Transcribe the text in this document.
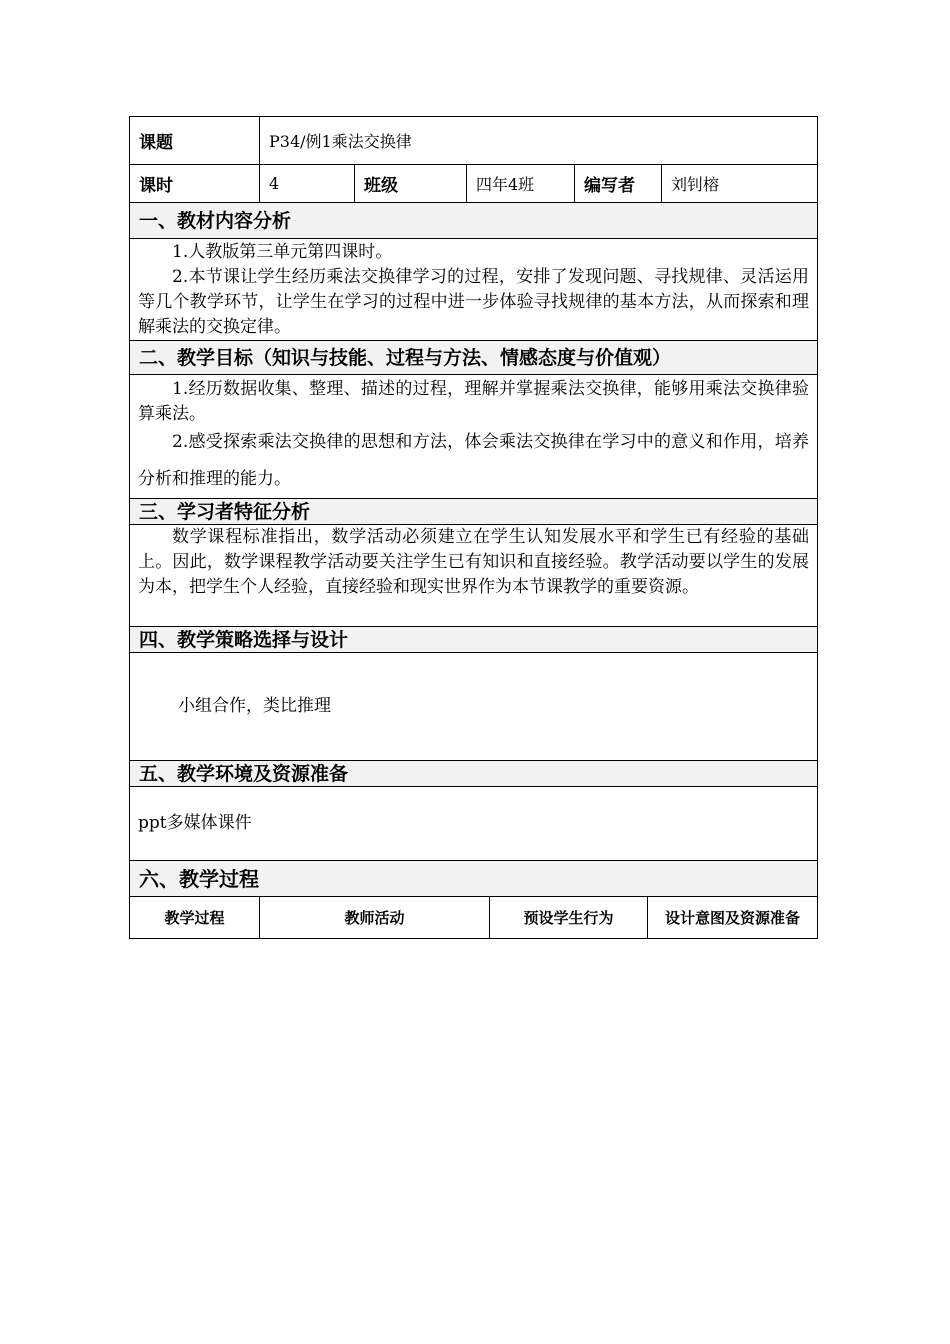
课题	P34/例1乘法交换律
课时	4	班级	四年4班	编写者	刘钊榕
一、教材内容分析

1.人教版第三单元第四课时。

2.本节课让学生经历乘法交换律学习的过程，安排了发现问题、寻找规律、灵活运用等几个教学环节，让学生在学习的过程中进一步体验寻找规律的基本方法，从而探索和理解乘法的交换定律。

二、教学目标（知识与技能、过程与方法、情感态度与价值观）

1.经历数据收集、整理、描述的过程，理解并掌握乘法交换律，能够用乘法交换律验算乘法。

2.感受探索乘法交换律的思想和方法，体会乘法交换律在学习中的意义和作用，培养分析和推理的能力。

三、学习者特征分析

数学课程标准指出，数学活动必须建立在学生认知发展水平和学生已有经验的基础上。因此，数学课程教学活动要关注学生已有知识和直接经验。教学活动要以学生的发展为本，把学生个人经验，直接经验和现实世界作为本节课教学的重要资源。

四、教学策略选择与设计
小组合作，类比推理
五、教学环境及资源准备
ppt多媒体课件
六、教学过程
教学过程	教师活动	预设学生行为	设计意图及资源准备
